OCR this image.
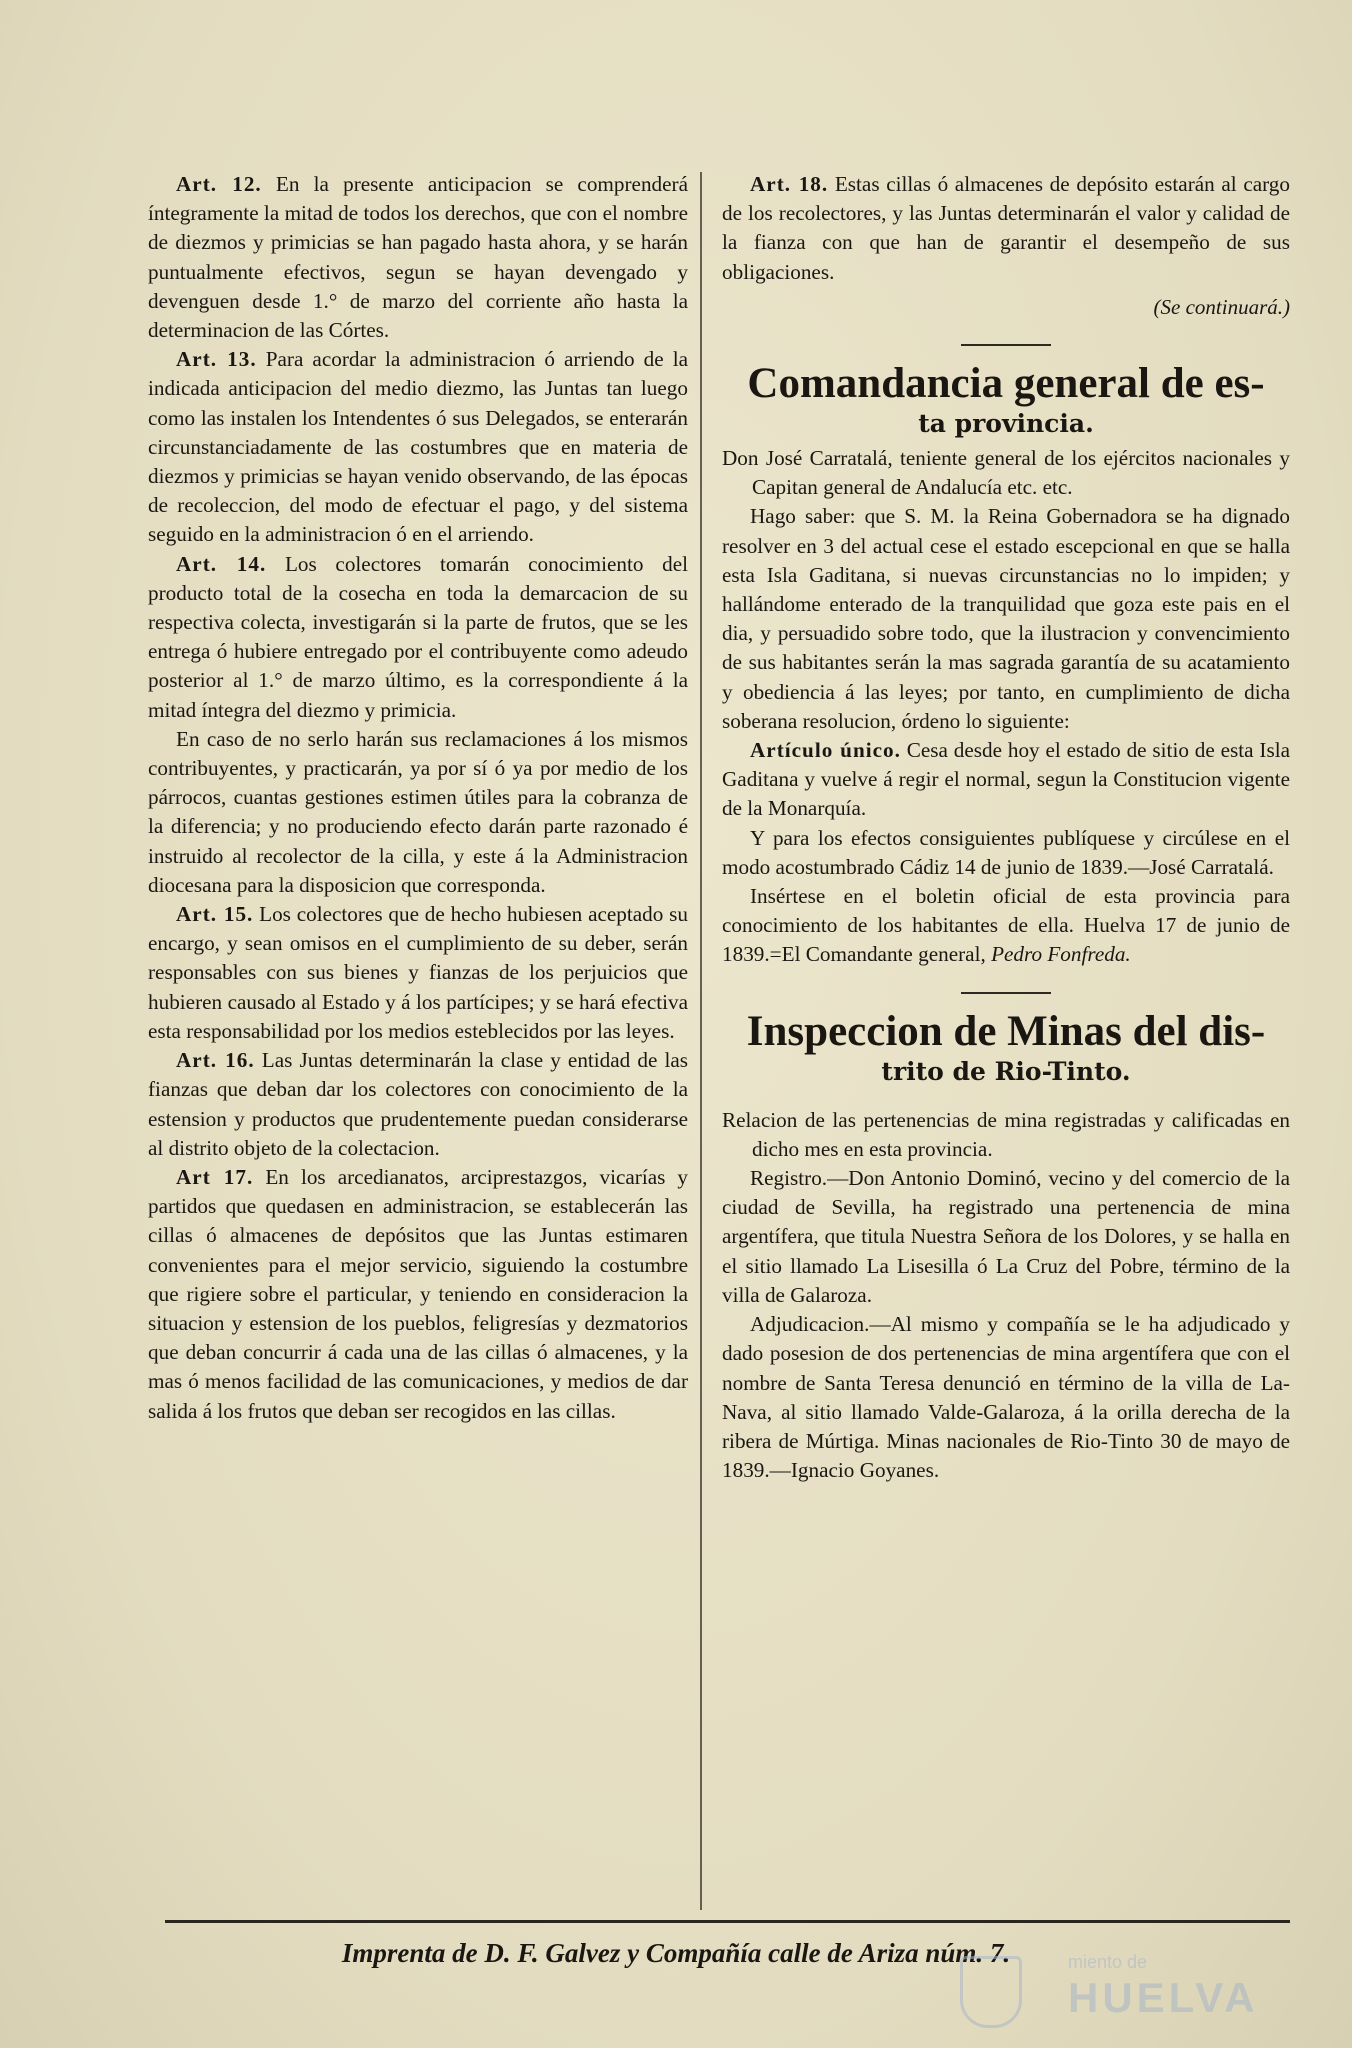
Art. 12. En la presente anticipacion se comprenderá íntegramente la mitad de todos los derechos, que con el nombre de diezmos y primicias se han pagado hasta ahora, y se harán puntualmente efectivos, segun se hayan devengado y devenguen desde 1.° de marzo del corriente año hasta la determinacion de las Córtes.

Art. 13. Para acordar la administracion ó arriendo de la indicada anticipacion del medio diezmo, las Juntas tan luego como las instalen los Intendentes ó sus Delegados, se enterarán circunstanciadamente de las costumbres que en materia de diezmos y primicias se hayan venido observando, de las épocas de recoleccion, del modo de efectuar el pago, y del sistema seguido en la administracion ó en el arriendo.

Art. 14. Los colectores tomarán conocimiento del producto total de la cosecha en toda la demarcacion de su respectiva colecta, investigarán si la parte de frutos, que se les entrega ó hubiere entregado por el contribuyente como adeudo posterior al 1.° de marzo último, es la correspondiente á la mitad íntegra del diezmo y primicia.

En caso de no serlo harán sus reclamaciones á los mismos contribuyentes, y practicarán, ya por sí ó ya por medio de los párrocos, cuantas gestiones estimen útiles para la cobranza de la diferencia; y no produciendo efecto darán parte razonado é instruido al recolector de la cilla, y este á la Administracion diocesana para la disposicion que corresponda.

Art. 15. Los colectores que de hecho hubiesen aceptado su encargo, y sean omisos en el cumplimiento de su deber, serán responsables con sus bienes y fianzas de los perjuicios que hubieren causado al Estado y á los partícipes; y se hará efectiva esta responsabilidad por los medios esteblecidos por las leyes.

Art. 16. Las Juntas determinarán la clase y entidad de las fianzas que deban dar los colectores con conocimiento de la estension y productos que prudentemente puedan considerarse al distrito objeto de la colectacion.

Art 17. En los arcedianatos, arciprestazgos, vicarías y partidos que quedasen en administracion, se establecerán las cillas ó almacenes de depósitos que las Juntas estimaren convenientes para el mejor servicio, siguiendo la costumbre que rigiere sobre el particular, y teniendo en consideracion la situacion y estension de los pueblos, feligresías y dezmatorios que deban concurrir á cada una de las cillas ó almacenes, y la mas ó menos facilidad de las comunicaciones, y medios de dar salida á los frutos que deban ser recogidos en las cillas.

Art. 18. Estas cillas ó almacenes de depósito estarán al cargo de los recolectores, y las Juntas determinarán el valor y calidad de la fianza con que han de garantir el desempeño de sus obligaciones.

(Se continuará.)

Comandancia general de es-
ta provincia.

Don José Carratalá, teniente general de los ejércitos nacionales y Capitan general de Andalucía etc. etc.

Hago saber: que S. M. la Reina Gobernadora se ha dignado resolver en 3 del actual cese el estado escepcional en que se halla esta Isla Gaditana, si nuevas circunstancias no lo impiden; y hallándome enterado de la tranquilidad que goza este pais en el dia, y persuadido sobre todo, que la ilustracion y convencimiento de sus habitantes serán la mas sagrada garantía de su acatamiento y obediencia á las leyes; por tanto, en cumplimiento de dicha soberana resolucion, órdeno lo siguiente:

Artículo único. Cesa desde hoy el estado de sitio de esta Isla Gaditana y vuelve á regir el normal, segun la Constitucion vigente de la Monarquía.

Y para los efectos consiguientes publíquese y circúlese en el modo acostumbrado Cádiz 14 de junio de 1839.—José Carratalá.

Insértese en el boletin oficial de esta provincia para conocimiento de los habitantes de ella. Huelva 17 de junio de 1839.=El Comandante general, Pedro Fonfreda.

Inspeccion de Minas del dis-
trito de Rio-Tinto.

Relacion de las pertenencias de mina registradas y calificadas en dicho mes en esta provincia.

Registro.—Don Antonio Dominó, vecino y del comercio de la ciudad de Sevilla, ha registrado una pertenencia de mina argentífera, que titula Nuestra Señora de los Dolores, y se halla en el sitio llamado La Lisesilla ó La Cruz del Pobre, término de la villa de Galaroza.

Adjudicacion.—Al mismo y compañía se le ha adjudicado y dado posesion de dos pertenencias de mina argentífera que con el nombre de Santa Teresa denunció en término de la villa de La-Nava, al sitio llamado Valde-Galaroza, á la orilla derecha de la ribera de Múrtiga. Minas nacionales de Rio-Tinto 30 de mayo de 1839.—Ignacio Goyanes.

Imprenta de D. F. Galvez y Compañía calle de Ariza núm. 7.	miento de
HUELVA
